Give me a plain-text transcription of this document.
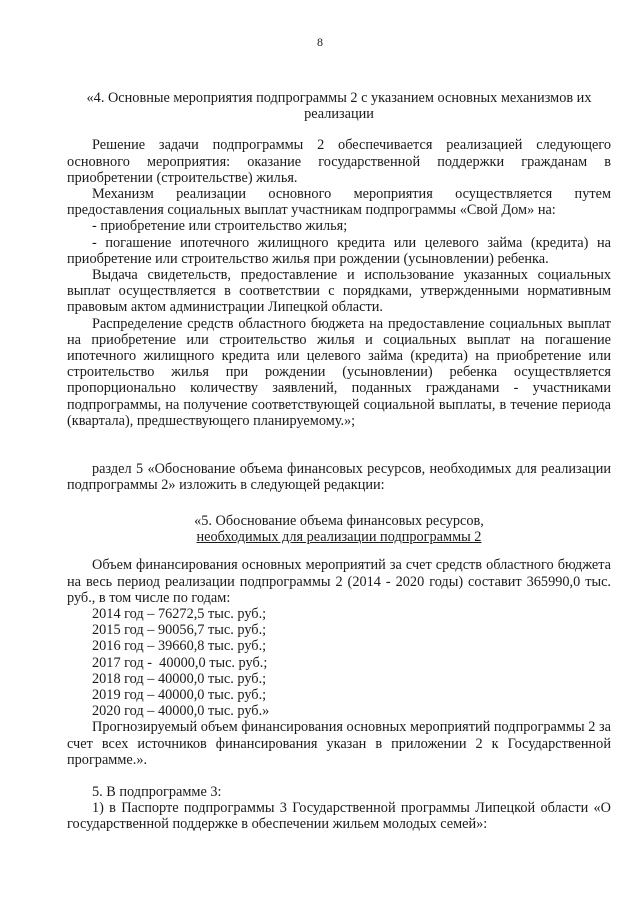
8
«4. Основные мероприятия подпрограммы 2 с указанием основных механизмов их реализации

Решение задачи подпрограммы 2 обеспечивается реализацией следующего основного мероприятия: оказание государственной поддержки гражданам в приобретении (строительстве) жилья.

Механизм реализации основного мероприятия осуществляется путем предоставления социальных выплат участникам подпрограммы «Свой Дом» на:

- приобретение или строительство жилья;

- погашение ипотечного жилищного кредита или целевого займа (кредита) на приобретение или строительство жилья при рождении (усыновлении) ребенка.

Выдача свидетельств, предоставление и использование указанных социальных выплат осуществляется в соответствии с порядками, утвержденными нормативным правовым актом администрации Липецкой области.

Распределение средств областного бюджета на предоставление социальных выплат на приобретение или строительство жилья и социальных выплат на погашение ипотечного жилищного кредита или целевого займа (кредита) на приобретение или строительство жилья при рождении (усыновлении) ребенка осуществляется пропорционально количеству заявлений, поданных гражданами - участниками подпрограммы, на получение соответствующей социальной выплаты, в течение периода (квартала), предшествующего планируемому.»;

раздел 5 «Обоснование объема финансовых ресурсов, необходимых для реализации подпрограммы 2» изложить в следующей редакции:

«5. Обоснование объема финансовых ресурсов,
необходимых для реализации подпрограммы 2

Объем финансирования основных мероприятий за счет средств областного бюджета на весь период реализации подпрограммы 2 (2014 - 2020 годы) составит 365990,0 тыс. руб., в том числе по годам:

2014 год – 76272,5 тыс. руб.;
2015 год – 90056,7 тыс. руб.;
2016 год – 39660,8 тыс. руб.;
2017 год -  40000,0 тыс. руб.;
2018 год – 40000,0 тыс. руб.;
2019 год – 40000,0 тыс. руб.;
2020 год – 40000,0 тыс. руб.»

Прогнозируемый объем финансирования основных мероприятий подпрограммы 2 за счет всех источников финансирования указан в приложении 2 к Государственной программе.».

5. В подпрограмме 3:

1) в Паспорте подпрограммы 3 Государственной программы Липецкой области «О государственной поддержке в обеспечении жильем молодых семей»:
